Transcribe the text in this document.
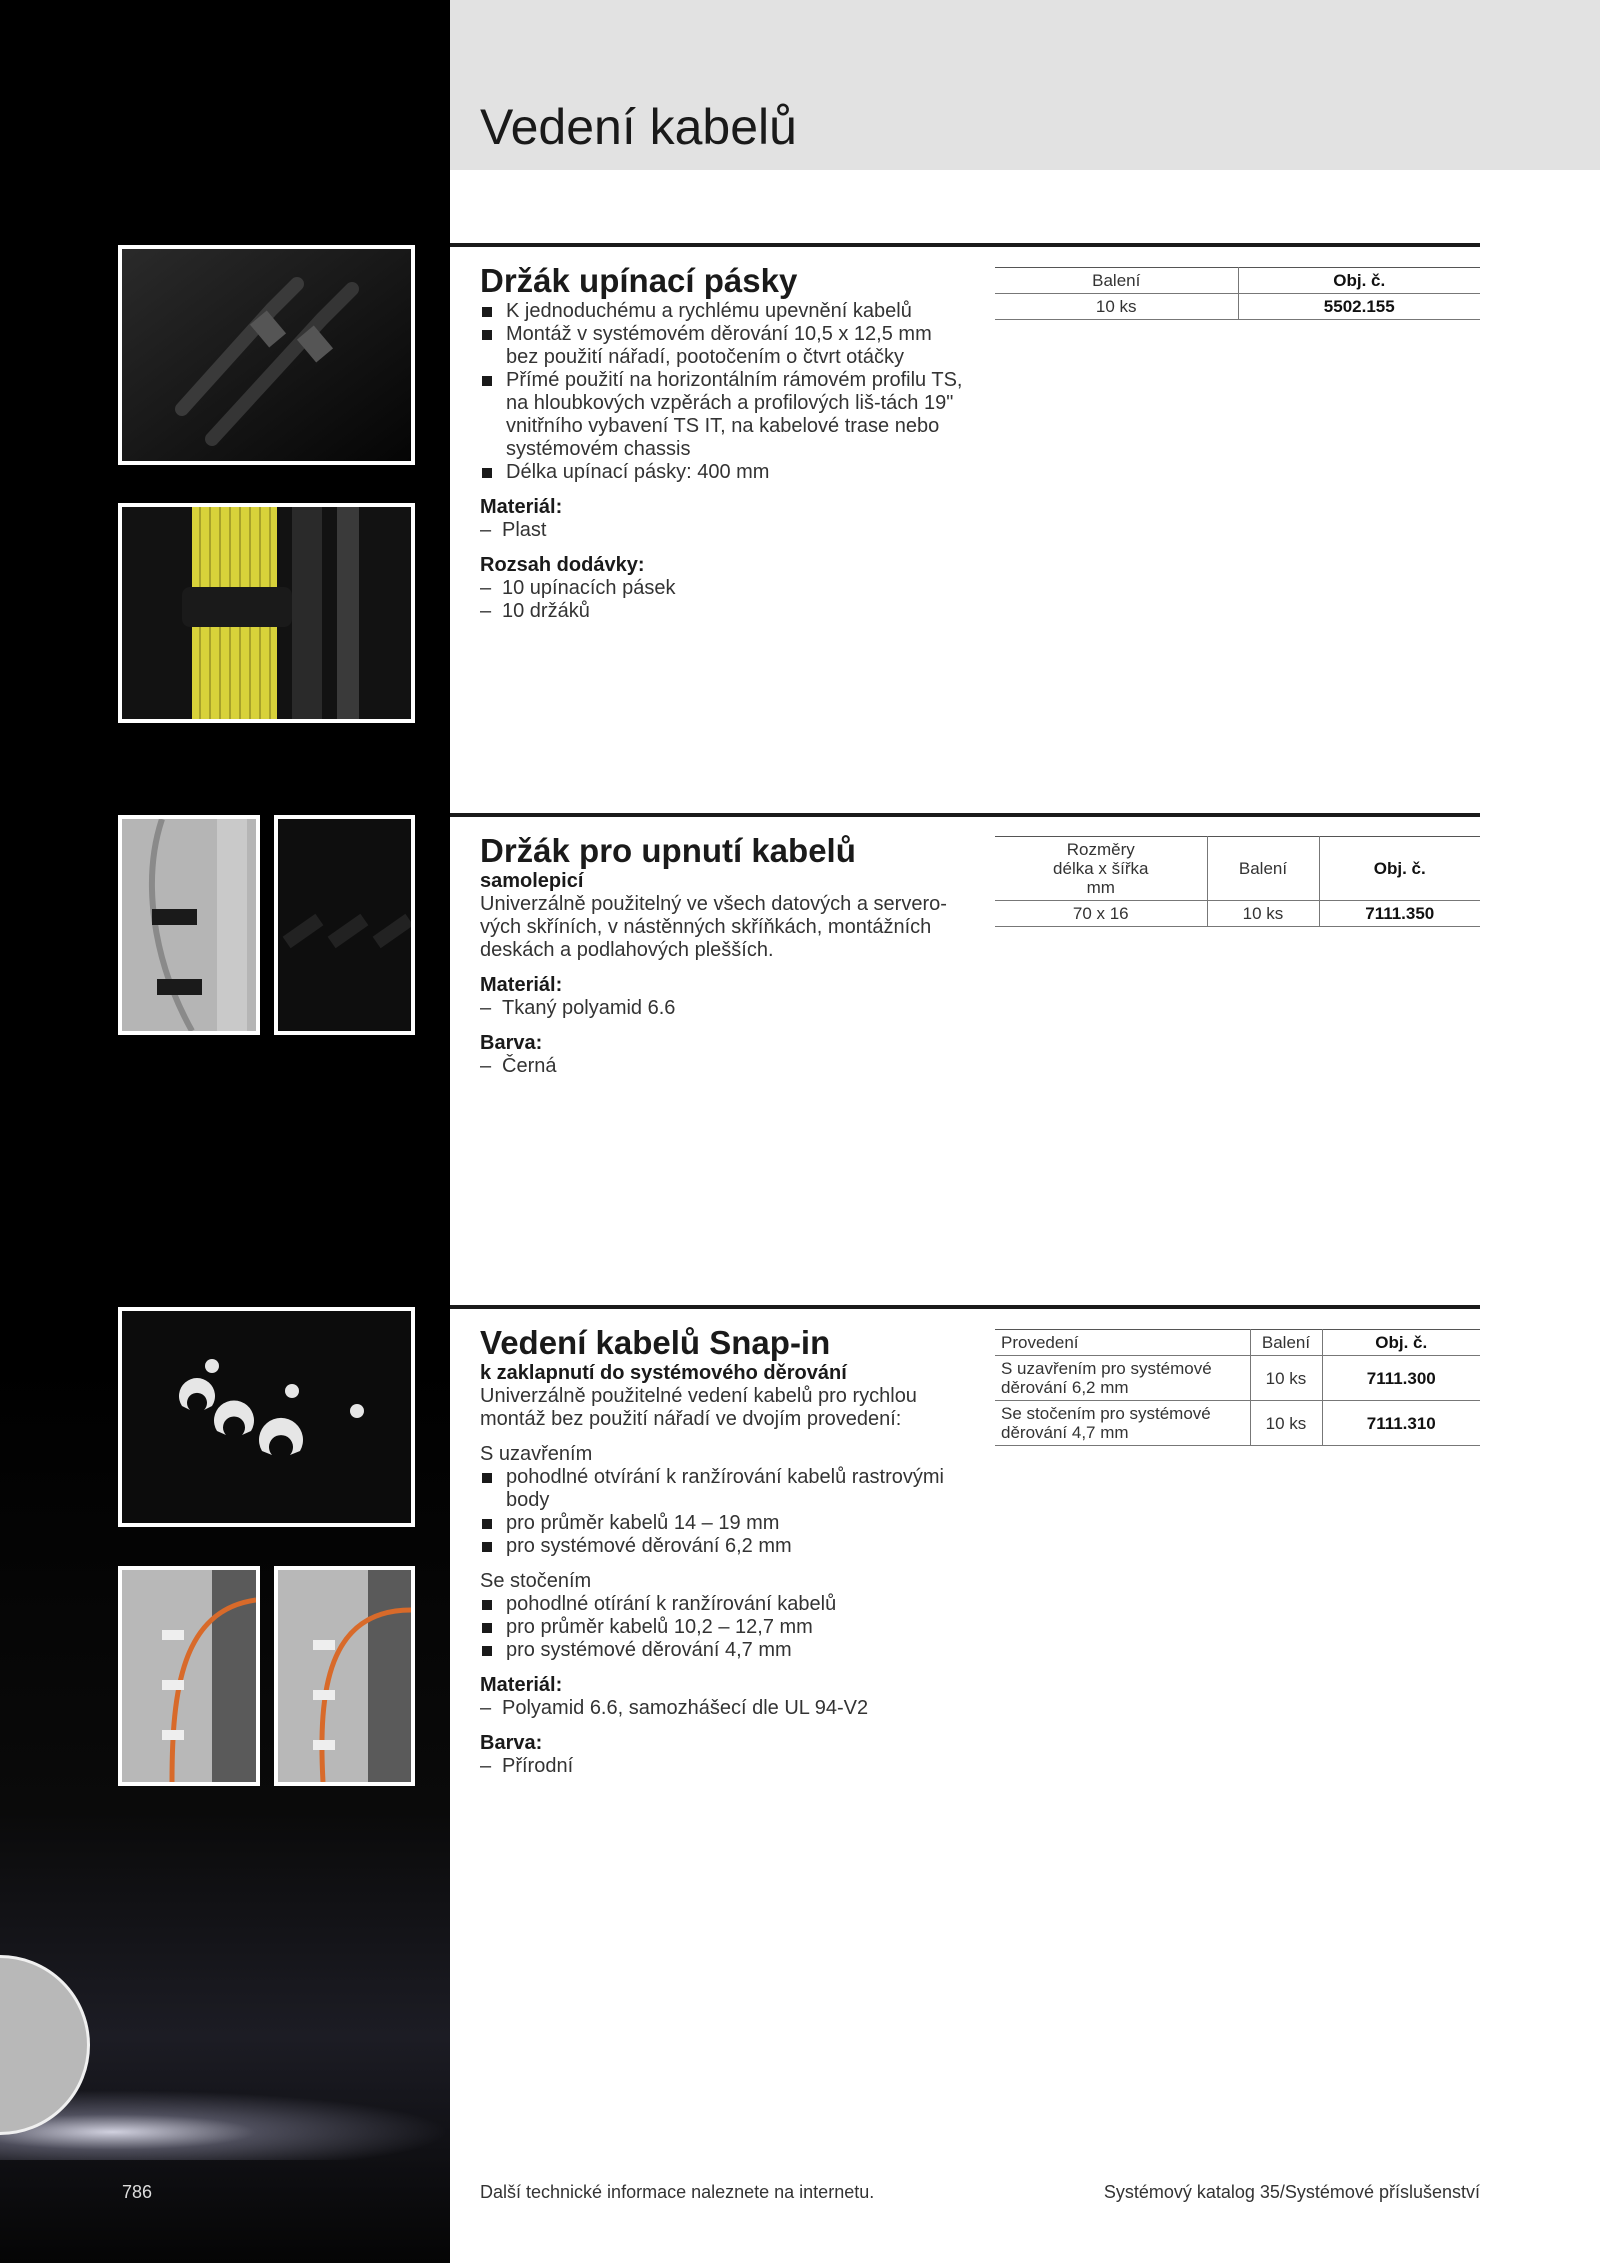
Vedení kabelů
Držák upínací pásky
K jednoduchému a rychlému upevnění kabelů
Montáž v systémovém děrování 10,5 x 12,5 mm bez použití nářadí, pootočením o čtvrt otáčky
Přímé použití na horizontálním rámovém profilu TS, na hloubkových vzpěrách a profilových liš-tách 19" vnitřního vybavení TS IT, na kabelové trase nebo systémovém chassis
Délka upínací pásky: 400 mm
Materiál:
– Plast
Rozsah dodávky:
– 10 upínacích pásek
– 10 držáků
Balení	Obj. č.
10 ks	5502.155
Držák pro upnutí kabelů
samolepicí
Univerzálně použitelný ve všech datových a servero-vých skříních, v nástěnných skříňkách, montážních deskách a podlahových plešších.
Materiál:
– Tkaný polyamid 6.6
Barva:
– Černá
Rozměry
délka x šířka
mm	Balení	Obj. č.
70 x 16	10 ks	7111.350
Vedení kabelů Snap-in
k zaklapnutí do systémového děrování
Univerzálně použitelné vedení kabelů pro rychlou montáž bez použití nářadí ve dvojím provedení:
S uzavřením
pohodlné otvírání k ranžírování kabelů rastrovými body
pro průměr kabelů 14 – 19 mm
pro systémové děrování 6,2 mm
Se stočením
pohodlné otírání k ranžírování kabelů
pro průměr kabelů 10,2 – 12,7 mm
pro systémové děrování 4,7 mm
Materiál:
– Polyamid 6.6, samozhášecí dle UL 94-V2
Barva:
– Přírodní
Provedení	Balení	Obj. č.
S uzavřením pro systémové děrování 6,2 mm	10 ks	7111.300
Se stočením pro systémové děrování 4,7 mm	10 ks	7111.310
786	Další technické informace naleznete na internetu.	Systémový katalog 35/Systémové příslušenství
